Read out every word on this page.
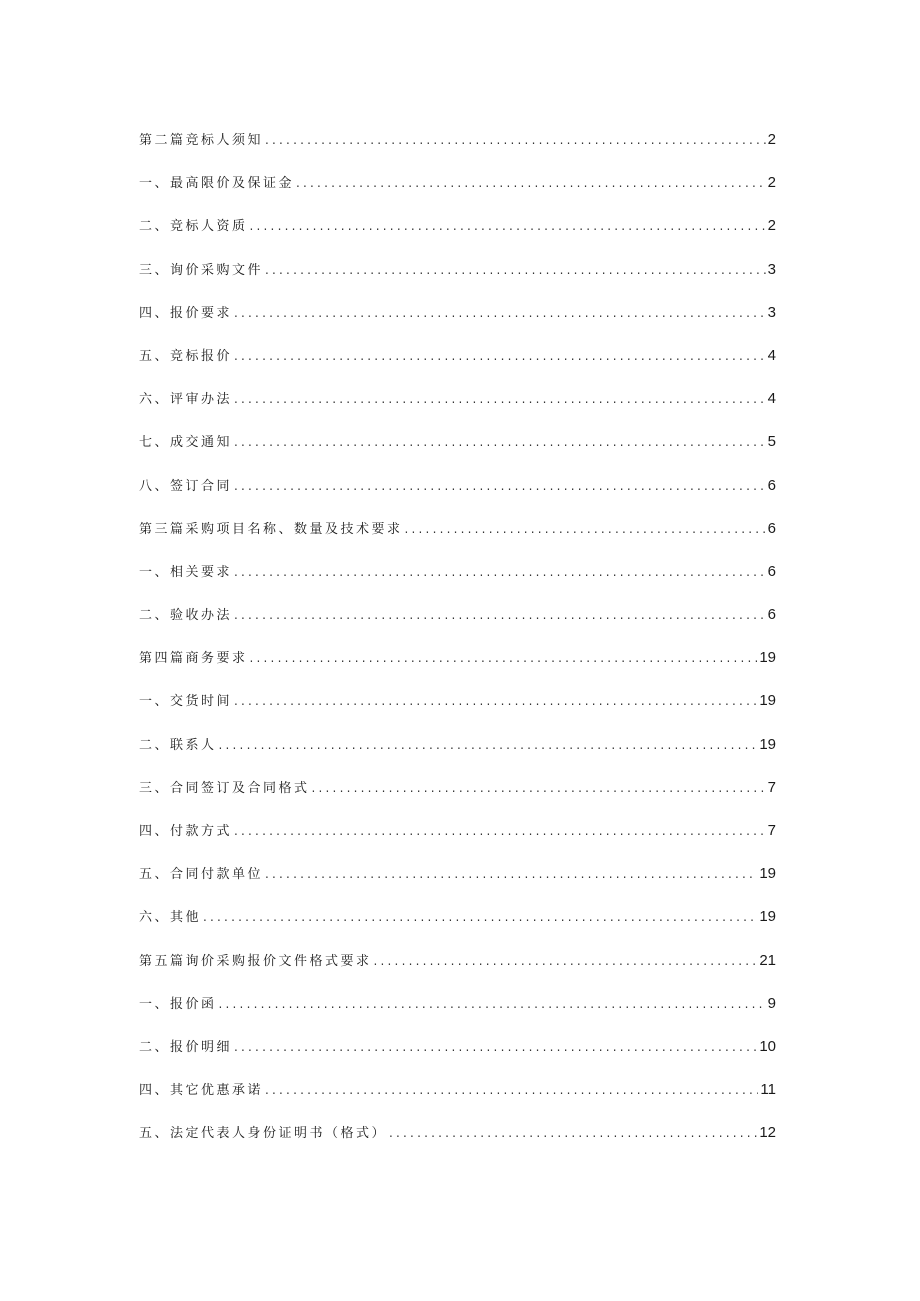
第二篇竞标人须知 .....	2
一、最高限价及保证金 .....	2
二、竞标人资质 .....	2
三、询价采购文件 .....	3
四、报价要求 .....	3
五、竞标报价 .....	4
六、评审办法 .....	4
七、成交通知 .....	5
八、签订合同 .....	6
第三篇采购项目名称、数量及技术要求 .....	6
一、相关要求 .....	6
二、验收办法 .....	6
第四篇商务要求 .....	19
一、交货时间 .....	19
二、联系人 .....	19
三、合同签订及合同格式 .....	7
四、付款方式 .....	7
五、合同付款单位 .....	19
六、其他 .....	19
第五篇询价采购报价文件格式要求 .....	21
一、报价函 .....	9
二、报价明细 .....	10
四、其它优惠承诺 .....	11
五、法定代表人身份证明书（格式） .....	12
